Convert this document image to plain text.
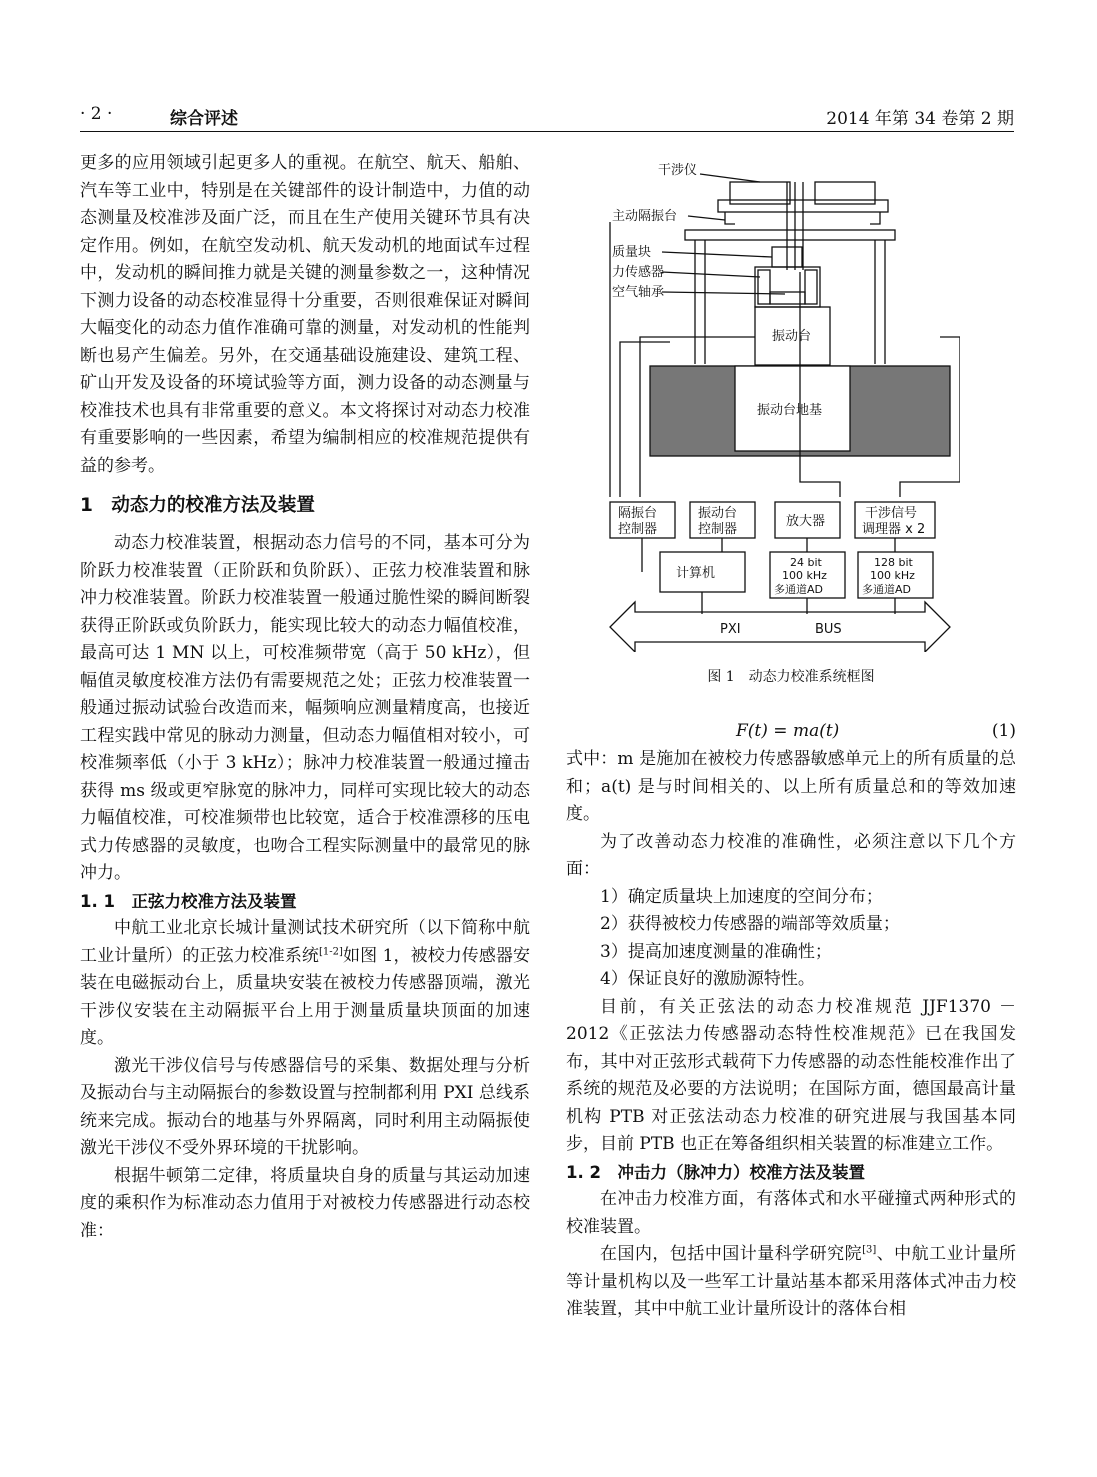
· 2 ·	综合评述	2014 年第 34 卷第 2 期

更多的应用领域引起更多人的重视。在航空、航天、船舶、汽车等工业中，特别是在关键部件的设计制造中，力值的动态测量及校准涉及面广泛，而且在生产使用关键环节具有决定作用。例如，在航空发动机、航天发动机的地面试车过程中，发动机的瞬间推力就是关键的测量参数之一，这种情况下测力设备的动态校准显得十分重要，否则很难保证对瞬间大幅变化的动态力值作准确可靠的测量，对发动机的性能判断也易产生偏差。另外，在交通基础设施建设、建筑工程、矿山开发及设备的环境试验等方面，测力设备的动态测量与校准技术也具有非常重要的意义。本文将探讨对动态力校准有重要影响的一些因素，希望为编制相应的校准规范提供有益的参考。

1　动态力的校准方法及装置

动态力校准装置，根据动态力信号的不同，基本可分为阶跃力校准装置（正阶跃和负阶跃）、正弦力校准装置和脉冲力校准装置。阶跃力校准装置一般通过脆性梁的瞬间断裂获得正阶跃或负阶跃力，能实现比较大的动态力幅值校准，最高可达 1 MN 以上，可校准频带宽（高于 50 kHz），但幅值灵敏度校准方法仍有需要规范之处；正弦力校准装置一般通过振动试验台改造而来，幅频响应测量精度高，也接近工程实践中常见的脉动力测量，但动态力幅值相对较小，可校准频率低（小于 3 kHz）；脉冲力校准装置一般通过撞击获得 ms 级或更窄脉宽的脉冲力，同样可实现比较大的动态力幅值校准，可校准频带也比较宽，适合于校准漂移的压电式力传感器的灵敏度，也吻合工程实际测量中的最常见的脉冲力。

1. 1　正弦力校准方法及装置

中航工业北京长城计量测试技术研究所（以下简称中航工业计量所）的正弦力校准系统[1-2]如图 1，被校力传感器安装在电磁振动台上，质量块安装在被校力传感器顶端，激光干涉仪安装在主动隔振平台上用于测量质量块顶面的加速度。

激光干涉仪信号与传感器信号的采集、数据处理与分析及振动台与主动隔振台的参数设置与控制都利用 PXI 总线系统来完成。振动台的地基与外界隔离，同时利用主动隔振使激光干涉仪不受外界环境的干扰影响。

根据牛顿第二定律，将质量块自身的质量与其运动加速度的乘积作为标准动态力值用于对被校力传感器进行动态校准：

干涉仪
主动隔振台
质量块
力传感器
空气轴承
振动台
振动台地基
隔振台
控制器
振动台
控制器
放大器
干涉信号
调理器 x 2
计算机
24 bit
100 kHz
多通道AD
128 bit
100 kHz
多通道AD
PXI	BUS
图 1　动态力校准系统框图
F(t) = ma(t)	(1)

式中：m 是施加在被校力传感器敏感单元上的所有质量的总和；a(t) 是与时间相关的、以上所有质量总和的等效加速度。

为了改善动态力校准的准确性，必须注意以下几个方面：

1）确定质量块上加速度的空间分布；

2）获得被校力传感器的端部等效质量；

3）提高加速度测量的准确性；

4）保证良好的激励源特性。

目前，有关正弦法的动态力校准规范 JJF1370 － 2012《正弦法力传感器动态特性校准规范》已在我国发布，其中对正弦形式载荷下力传感器的动态性能校准作出了系统的规范及必要的方法说明；在国际方面，德国最高计量机构 PTB 对正弦法动态力校准的研究进展与我国基本同步，目前 PTB 也正在筹备组织相关装置的标准建立工作。

1. 2　冲击力（脉冲力）校准方法及装置

在冲击力校准方面，有落体式和水平碰撞式两种形式的校准装置。

在国内，包括中国计量科学研究院[3]、中航工业计量所等计量机构以及一些军工计量站基本都采用落体式冲击力校准装置，其中中航工业计量所设计的落体台相
